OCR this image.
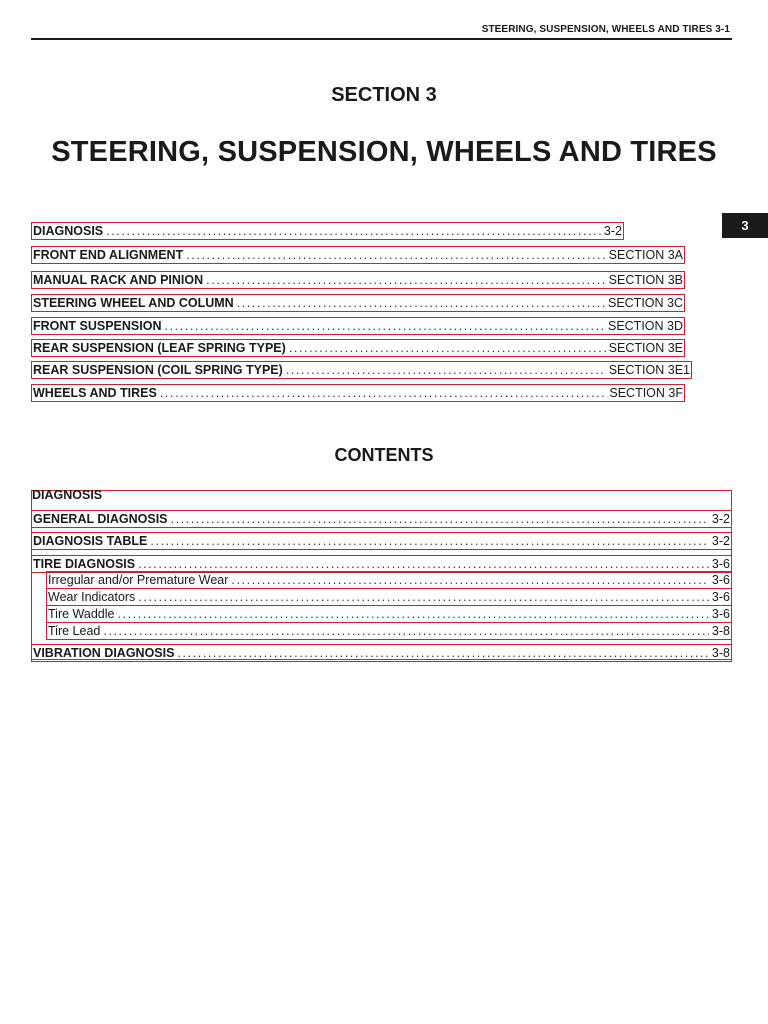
STEERING, SUSPENSION, WHEELS AND TIRES 3-1
SECTION 3
STEERING, SUSPENSION, WHEELS AND TIRES
3
DIAGNOSIS .....	3-2
FRONT END ALIGNMENT .....	SECTION 3A
MANUAL RACK AND PINION .....	SECTION 3B
STEERING WHEEL AND COLUMN .....	SECTION 3C
FRONT SUSPENSION .....	SECTION 3D
REAR SUSPENSION (LEAF SPRING TYPE) .....	SECTION 3E
REAR SUSPENSION (COIL SPRING TYPE) .....	SECTION 3E1
WHEELS AND TIRES .....	SECTION 3F
CONTENTS
DIAGNOSIS
GENERAL DIAGNOSIS .....	3-2
DIAGNOSIS TABLE .....	3-2
TIRE DIAGNOSIS .....	3-6
Irregular and/or Premature Wear .....	3-6
Wear Indicators .....	3-6
Tire Waddle .....	3-6
Tire Lead .....	3-8
VIBRATION DIAGNOSIS .....	3-8
